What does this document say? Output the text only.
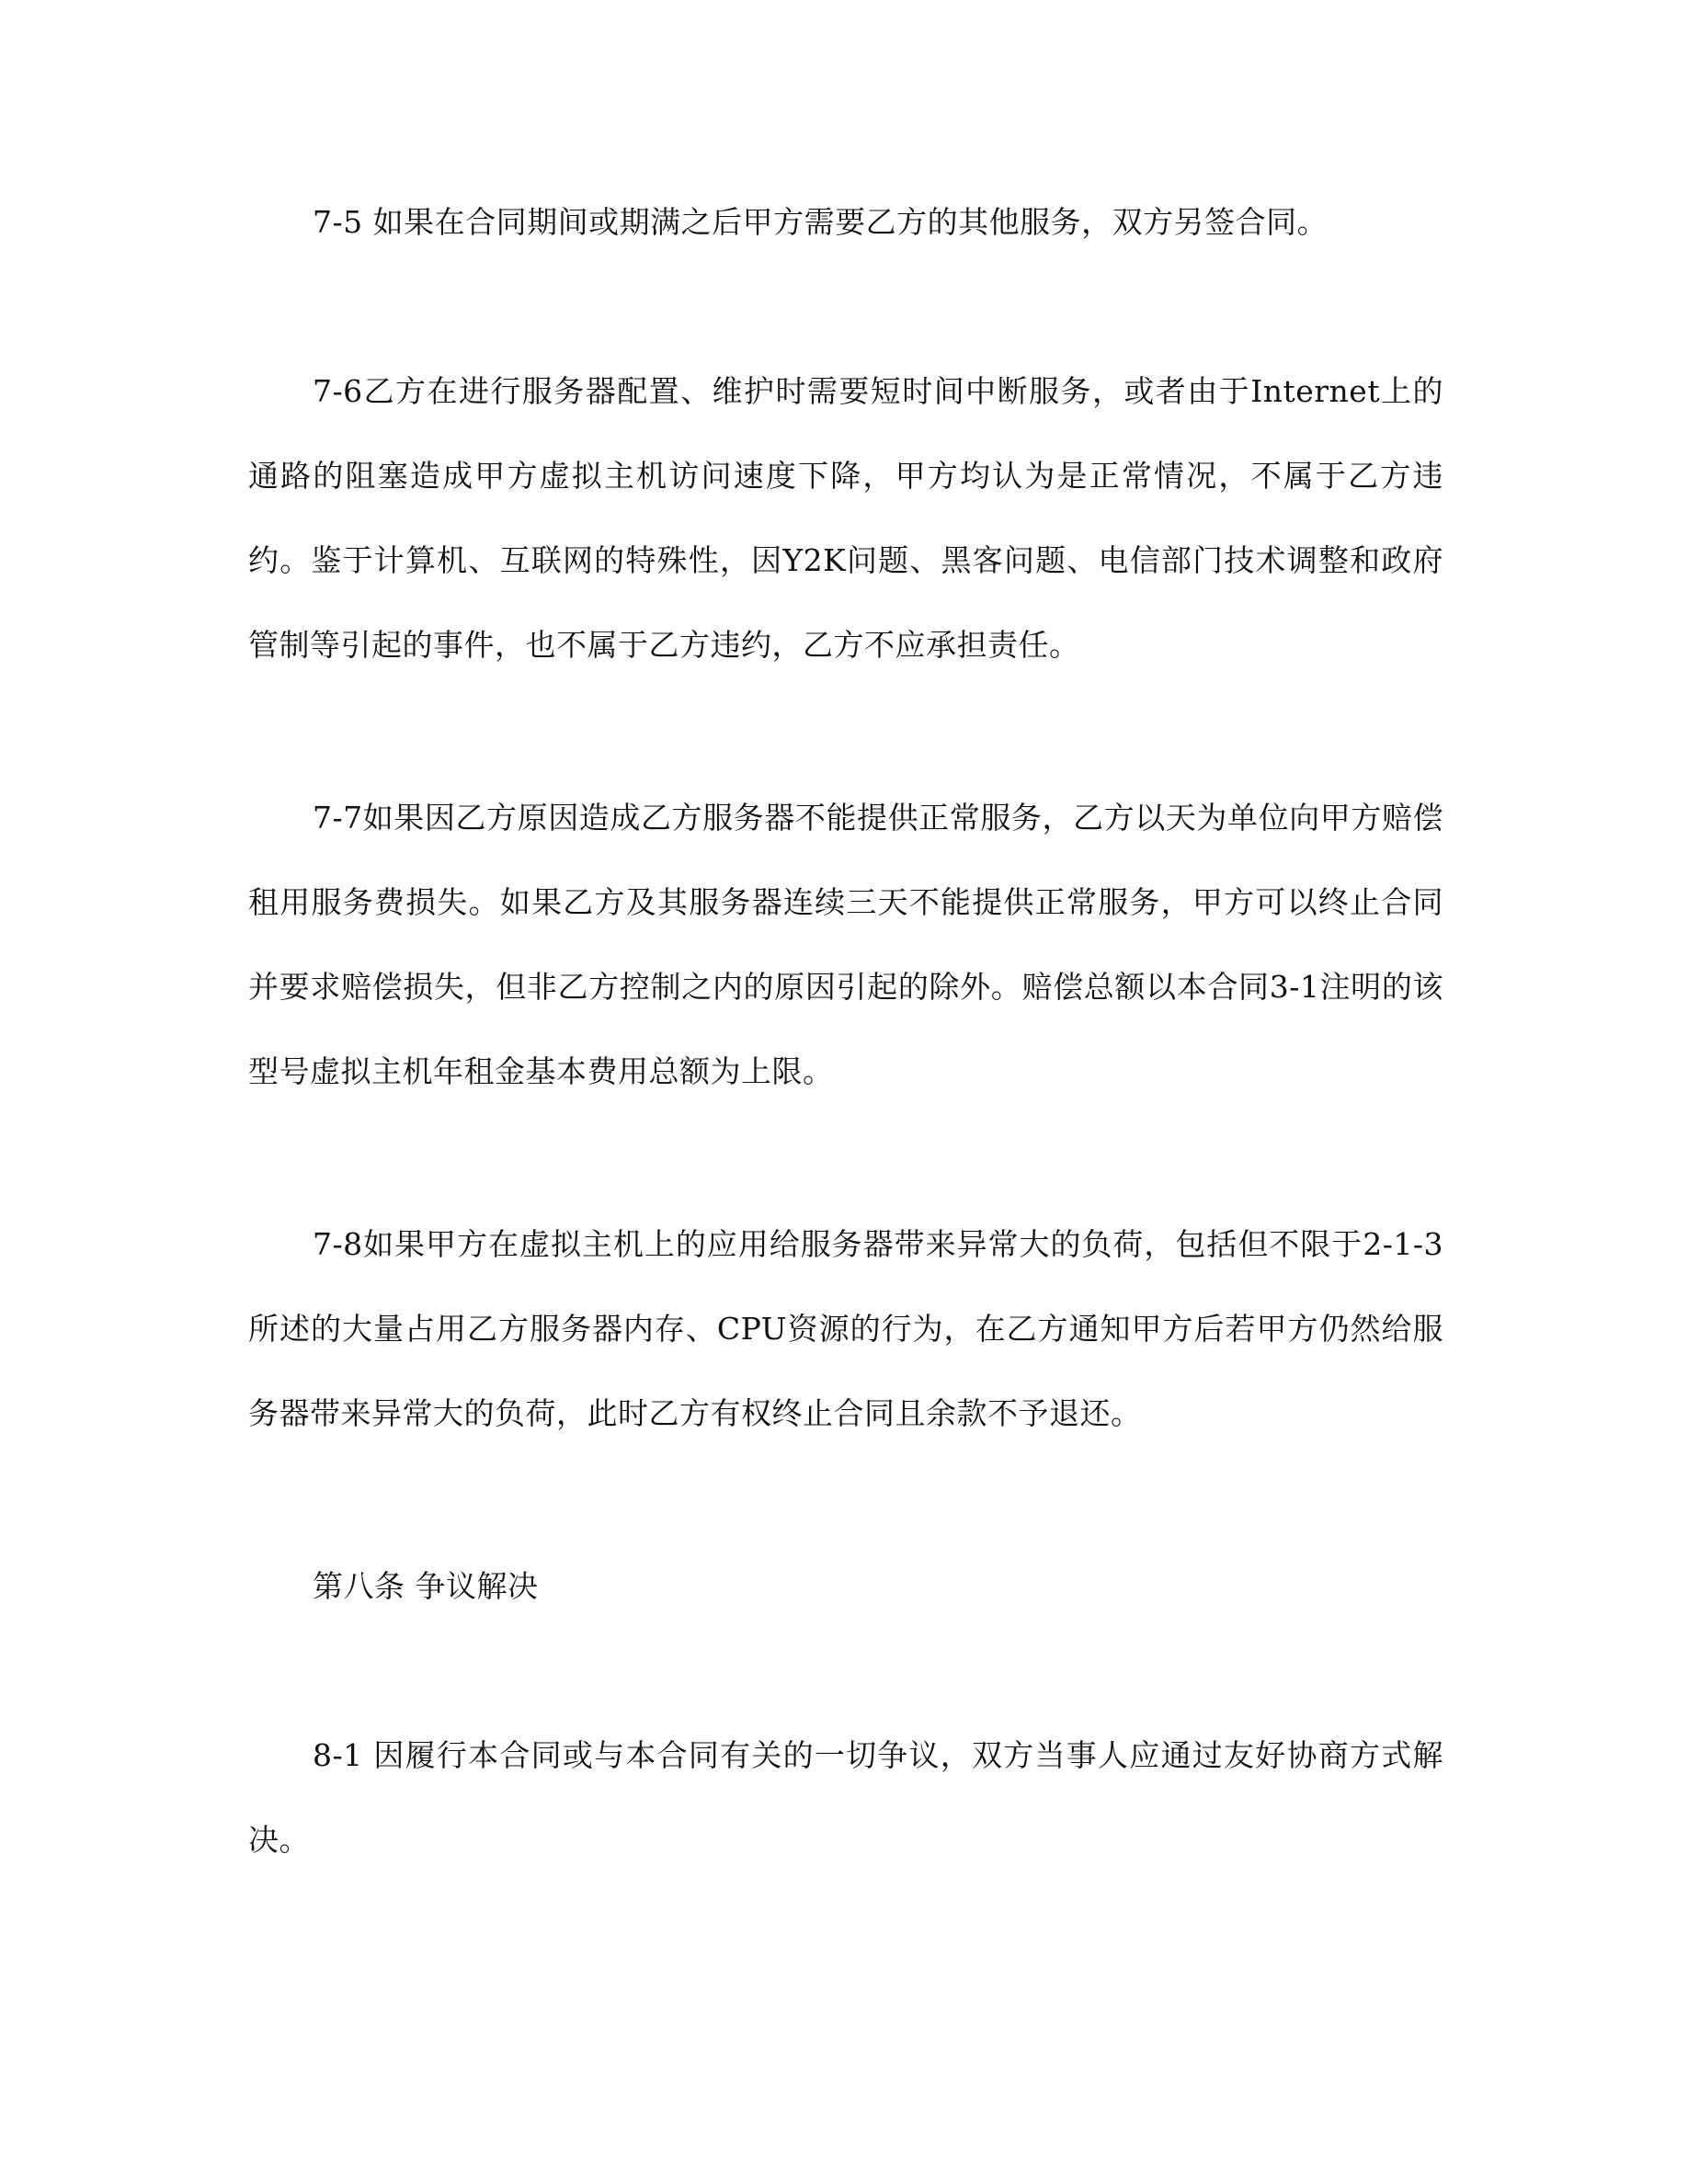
7-5 如果在合同期间或期满之后甲方需要乙方的其他服务，双方另签合同。

7-6乙方在进行服务器配置、维护时需要短时间中断服务，或者由于Internet上的通路的阻塞造成甲方虚拟主机访问速度下降，甲方均认为是正常情况，不属于乙方违约。鉴于计算机、互联网的特殊性，因Y2K问题、黑客问题、电信部门技术调整和政府管制等引起的事件，也不属于乙方违约，乙方不应承担责任。

7-7如果因乙方原因造成乙方服务器不能提供正常服务，乙方以天为单位向甲方赔偿租用服务费损失。如果乙方及其服务器连续三天不能提供正常服务，甲方可以终止合同并要求赔偿损失，但非乙方控制之内的原因引起的除外。赔偿总额以本合同3-1注明的该型号虚拟主机年租金基本费用总额为上限。

7-8如果甲方在虚拟主机上的应用给服务器带来异常大的负荷，包括但不限于2-1-3所述的大量占用乙方服务器内存、CPU资源的行为，在乙方通知甲方后若甲方仍然给服务器带来异常大的负荷，此时乙方有权终止合同且余款不予退还。

第八条 争议解决

8-1 因履行本合同或与本合同有关的一切争议，双方当事人应通过友好协商方式解决。
